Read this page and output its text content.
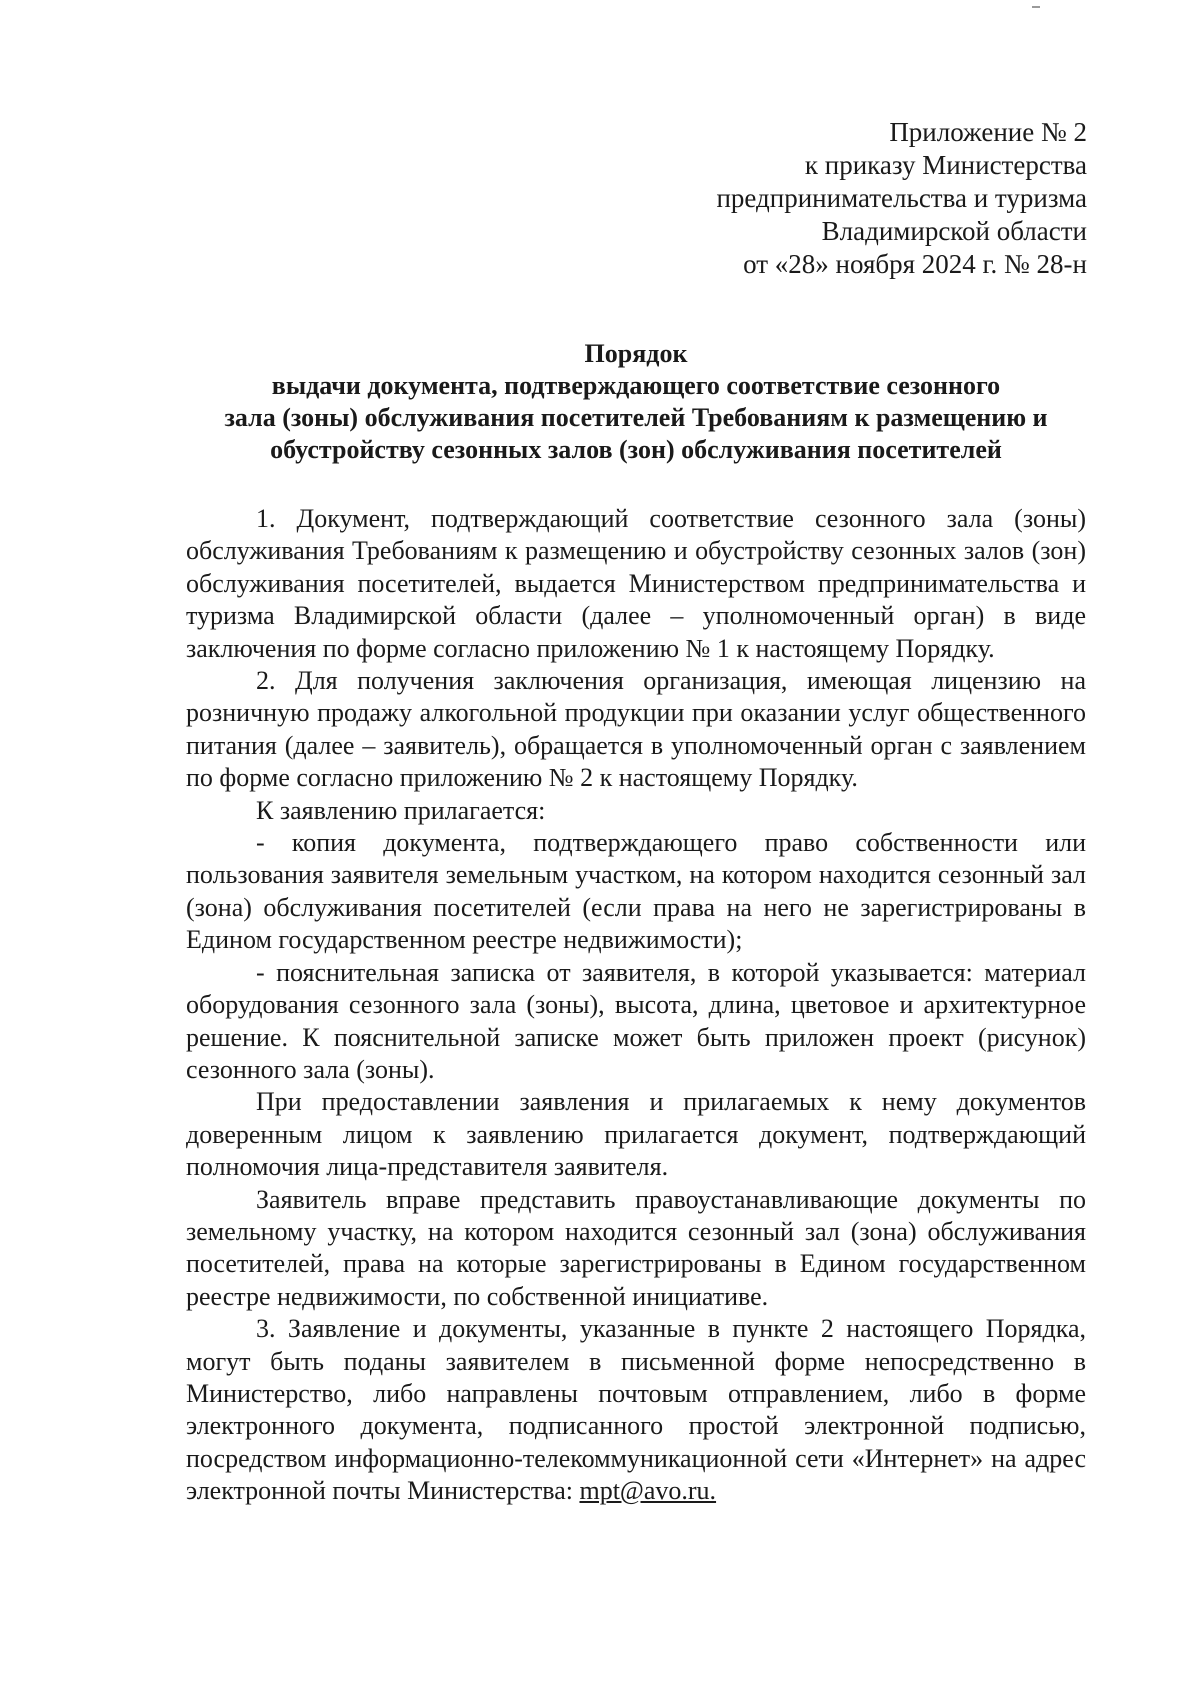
Приложение № 2
к приказу Министерства
предпринимательства и туризма
Владимирской области
от «28» ноября 2024 г. № 28-н
Порядок
выдачи документа, подтверждающего соответствие сезонного
зала (зоны) обслуживания посетителей Требованиям к размещению и
обустройству сезонных залов (зон) обслуживания посетителей

1. Документ, подтверждающий соответствие сезонного зала (зоны) обслуживания Требованиям к размещению и обустройству сезонных залов (зон) обслуживания посетителей, выдается Министерством предпринимательства и туризма Владимирской области (далее – уполномоченный орган) в виде заключения по форме согласно приложению № 1 к настоящему Порядку.

2. Для получения заключения организация, имеющая лицензию на розничную продажу алкогольной продукции при оказании услуг общественного питания (далее – заявитель), обращается в уполномоченный орган с заявлением по форме согласно приложению № 2 к настоящему Порядку.

К заявлению прилагается:

- копия документа, подтверждающего право собственности или пользования заявителя земельным участком, на котором находится сезонный зал (зона) обслуживания посетителей (если права на него не зарегистрированы в Едином государственном реестре недвижимости);

- пояснительная записка от заявителя, в которой указывается: материал оборудования сезонного зала (зоны), высота, длина, цветовое и архитектурное решение. К пояснительной записке может быть приложен проект (рисунок) сезонного зала (зоны).

При предоставлении заявления и прилагаемых к нему документов доверенным лицом к заявлению прилагается документ, подтверждающий полномочия лица-представителя заявителя.

Заявитель вправе представить правоустанавливающие документы по земельному участку, на котором находится сезонный зал (зона) обслуживания посетителей, права на которые зарегистрированы в Едином государственном реестре недвижимости, по собственной инициативе.

3. Заявление и документы, указанные в пункте 2 настоящего Порядка, могут быть поданы заявителем в письменной форме непосредственно в Министерство, либо направлены почтовым отправлением, либо в форме электронного документа, подписанного простой электронной подписью, посредством информационно-телекоммуникационной сети «Интернет» на адрес электронной почты Министерства: mpt@avo.ru.
